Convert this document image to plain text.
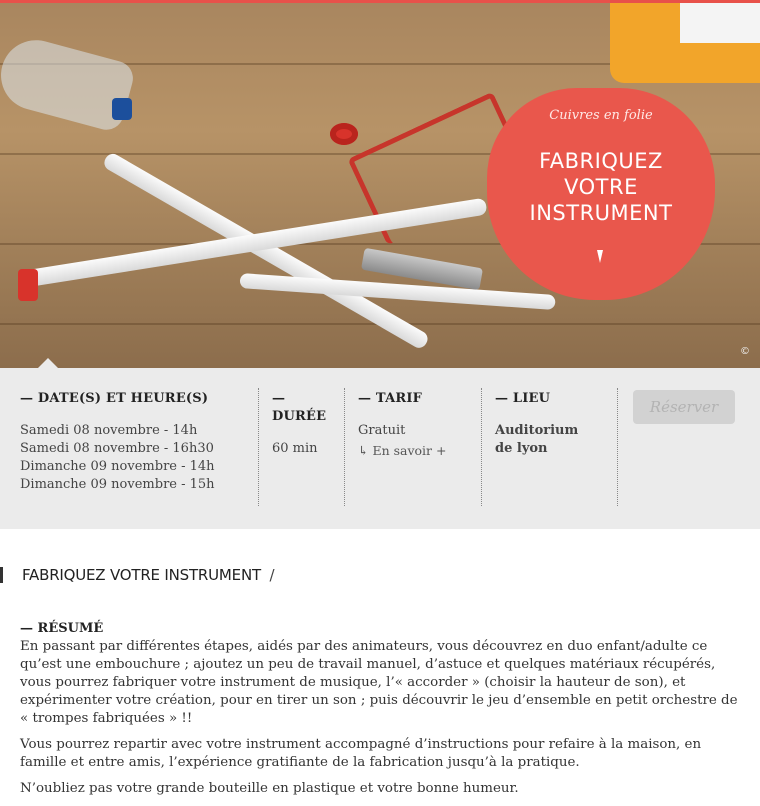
Cuivres en folie
FABRIQUEZ
VOTRE
INSTRUMENT
©
— DATE(S) ET HEURE(S)
Samedi 08 novembre - 14h
Samedi 08 novembre - 16h30
Dimanche 09 novembre - 14h
Dimanche 09 novembre - 15h
— DURÉE
60 min
— TARIF
Gratuit
↳ En savoir +
— LIEU
Auditorium
de lyon
Réserver
FABRIQUEZ VOTRE INSTRUMENT /
— RÉSUMÉ

En passant par différentes étapes, aidés par des animateurs, vous découvrez en duo enfant/adulte ce qu’est une embouchure ; ajoutez un peu de travail manuel, d’astuce et quelques matériaux récupérés, vous pourrez fabriquer votre instrument de musique, l’« accorder » (choisir la hauteur de son), et expérimenter votre création, pour en tirer un son ; puis découvrir le jeu d’ensemble en petit orchestre de « trompes fabriquées » !!

Vous pourrez repartir avec votre instrument accompagné d’instructions pour refaire à la maison, en famille et entre amis, l’expérience gratifiante de la fabrication jusqu’à la pratique.

N’oubliez pas votre grande bouteille en plastique et votre bonne humeur.
